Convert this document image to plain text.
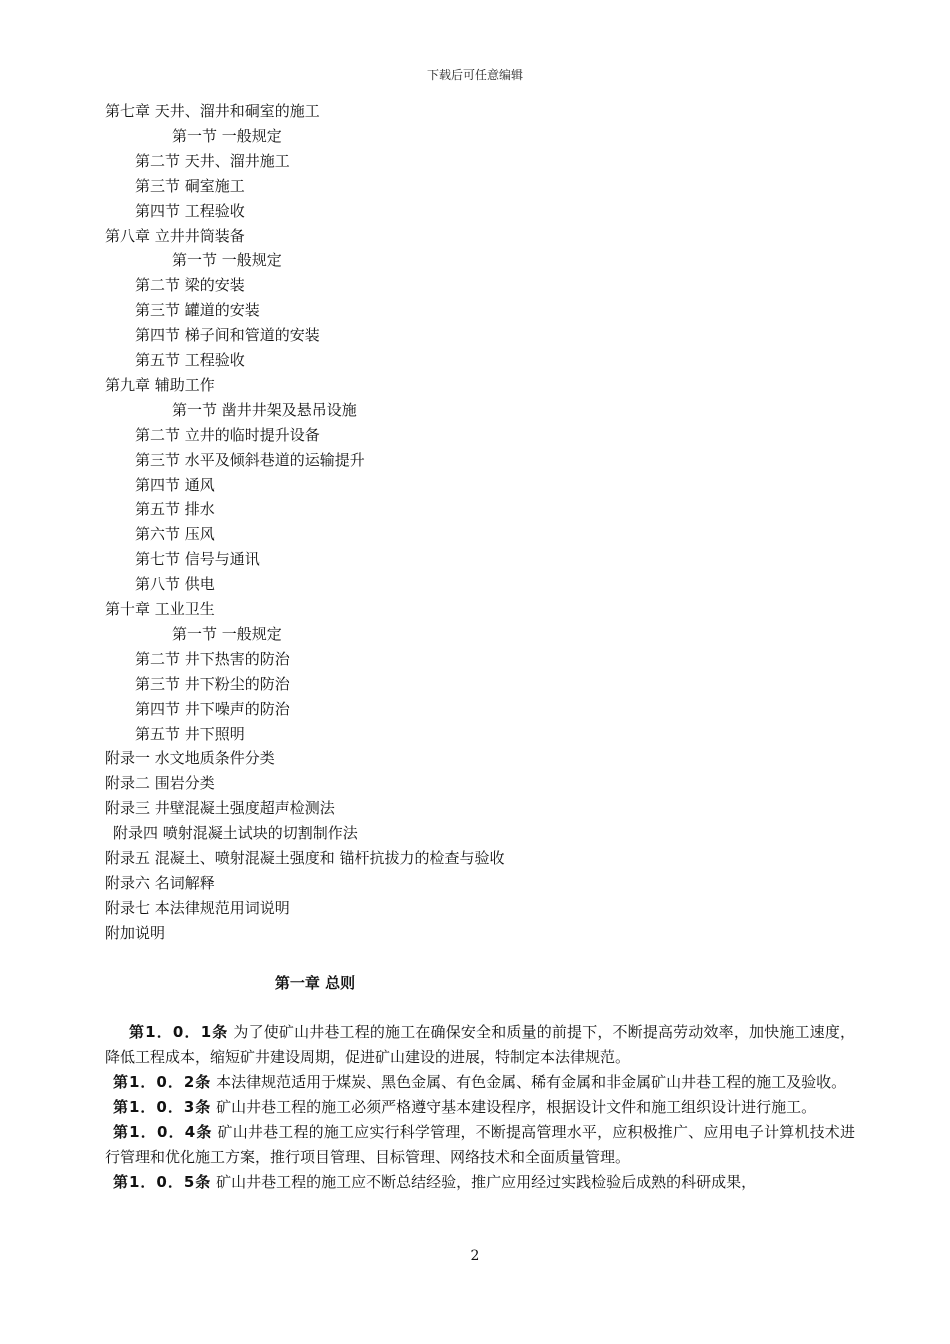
下载后可任意编辑
第七章 天井、溜井和硐室的施工
第一节 一般规定
第二节 天井、溜井施工
第三节 硐室施工
第四节 工程验收
第八章 立井井筒装备
第一节 一般规定
第二节 梁的安装
第三节 罐道的安装
第四节 梯子间和管道的安装
第五节 工程验收
第九章 辅助工作
第一节 凿井井架及悬吊设施
第二节 立井的临时提升设备
第三节 水平及倾斜巷道的运输提升
第四节 通风
第五节 排水
第六节 压风
第七节 信号与通讯
第八节 供电
第十章 工业卫生
第一节 一般规定
第二节 井下热害的防治
第三节 井下粉尘的防治
第四节 井下噪声的防治
第五节 井下照明
附录一 水文地质条件分类
附录二 围岩分类
附录三 井壁混凝土强度超声检测法
附录四 喷射混凝土试块的切割制作法
附录五 混凝土、喷射混凝土强度和 锚杆抗拔力的检查与验收
附录六 名词解释
附录七 本法律规范用词说明
附加说明
第一章 总则

第1．0．1条 为了使矿山井巷工程的施工在确保安全和质量的前提下，不断提高劳动效率，加快施工速度，降低工程成本，缩短矿井建设周期，促进矿山建设的进展，特制定本法律规范。

第1．0．2条 本法律规范适用于煤炭、黑色金属、有色金属、稀有金属和非金属矿山井巷工程的施工及验收。

第1．0．3条 矿山井巷工程的施工必须严格遵守基本建设程序，根据设计文件和施工组织设计进行施工。

第1．0．4条 矿山井巷工程的施工应实行科学管理，不断提高管理水平，应积极推广、应用电子计算机技术进行管理和优化施工方案，推行项目管理、目标管理、网络技术和全面质量管理。

第1．0．5条 矿山井巷工程的施工应不断总结经验，推广应用经过实践检验后成熟的科研成果，

2
